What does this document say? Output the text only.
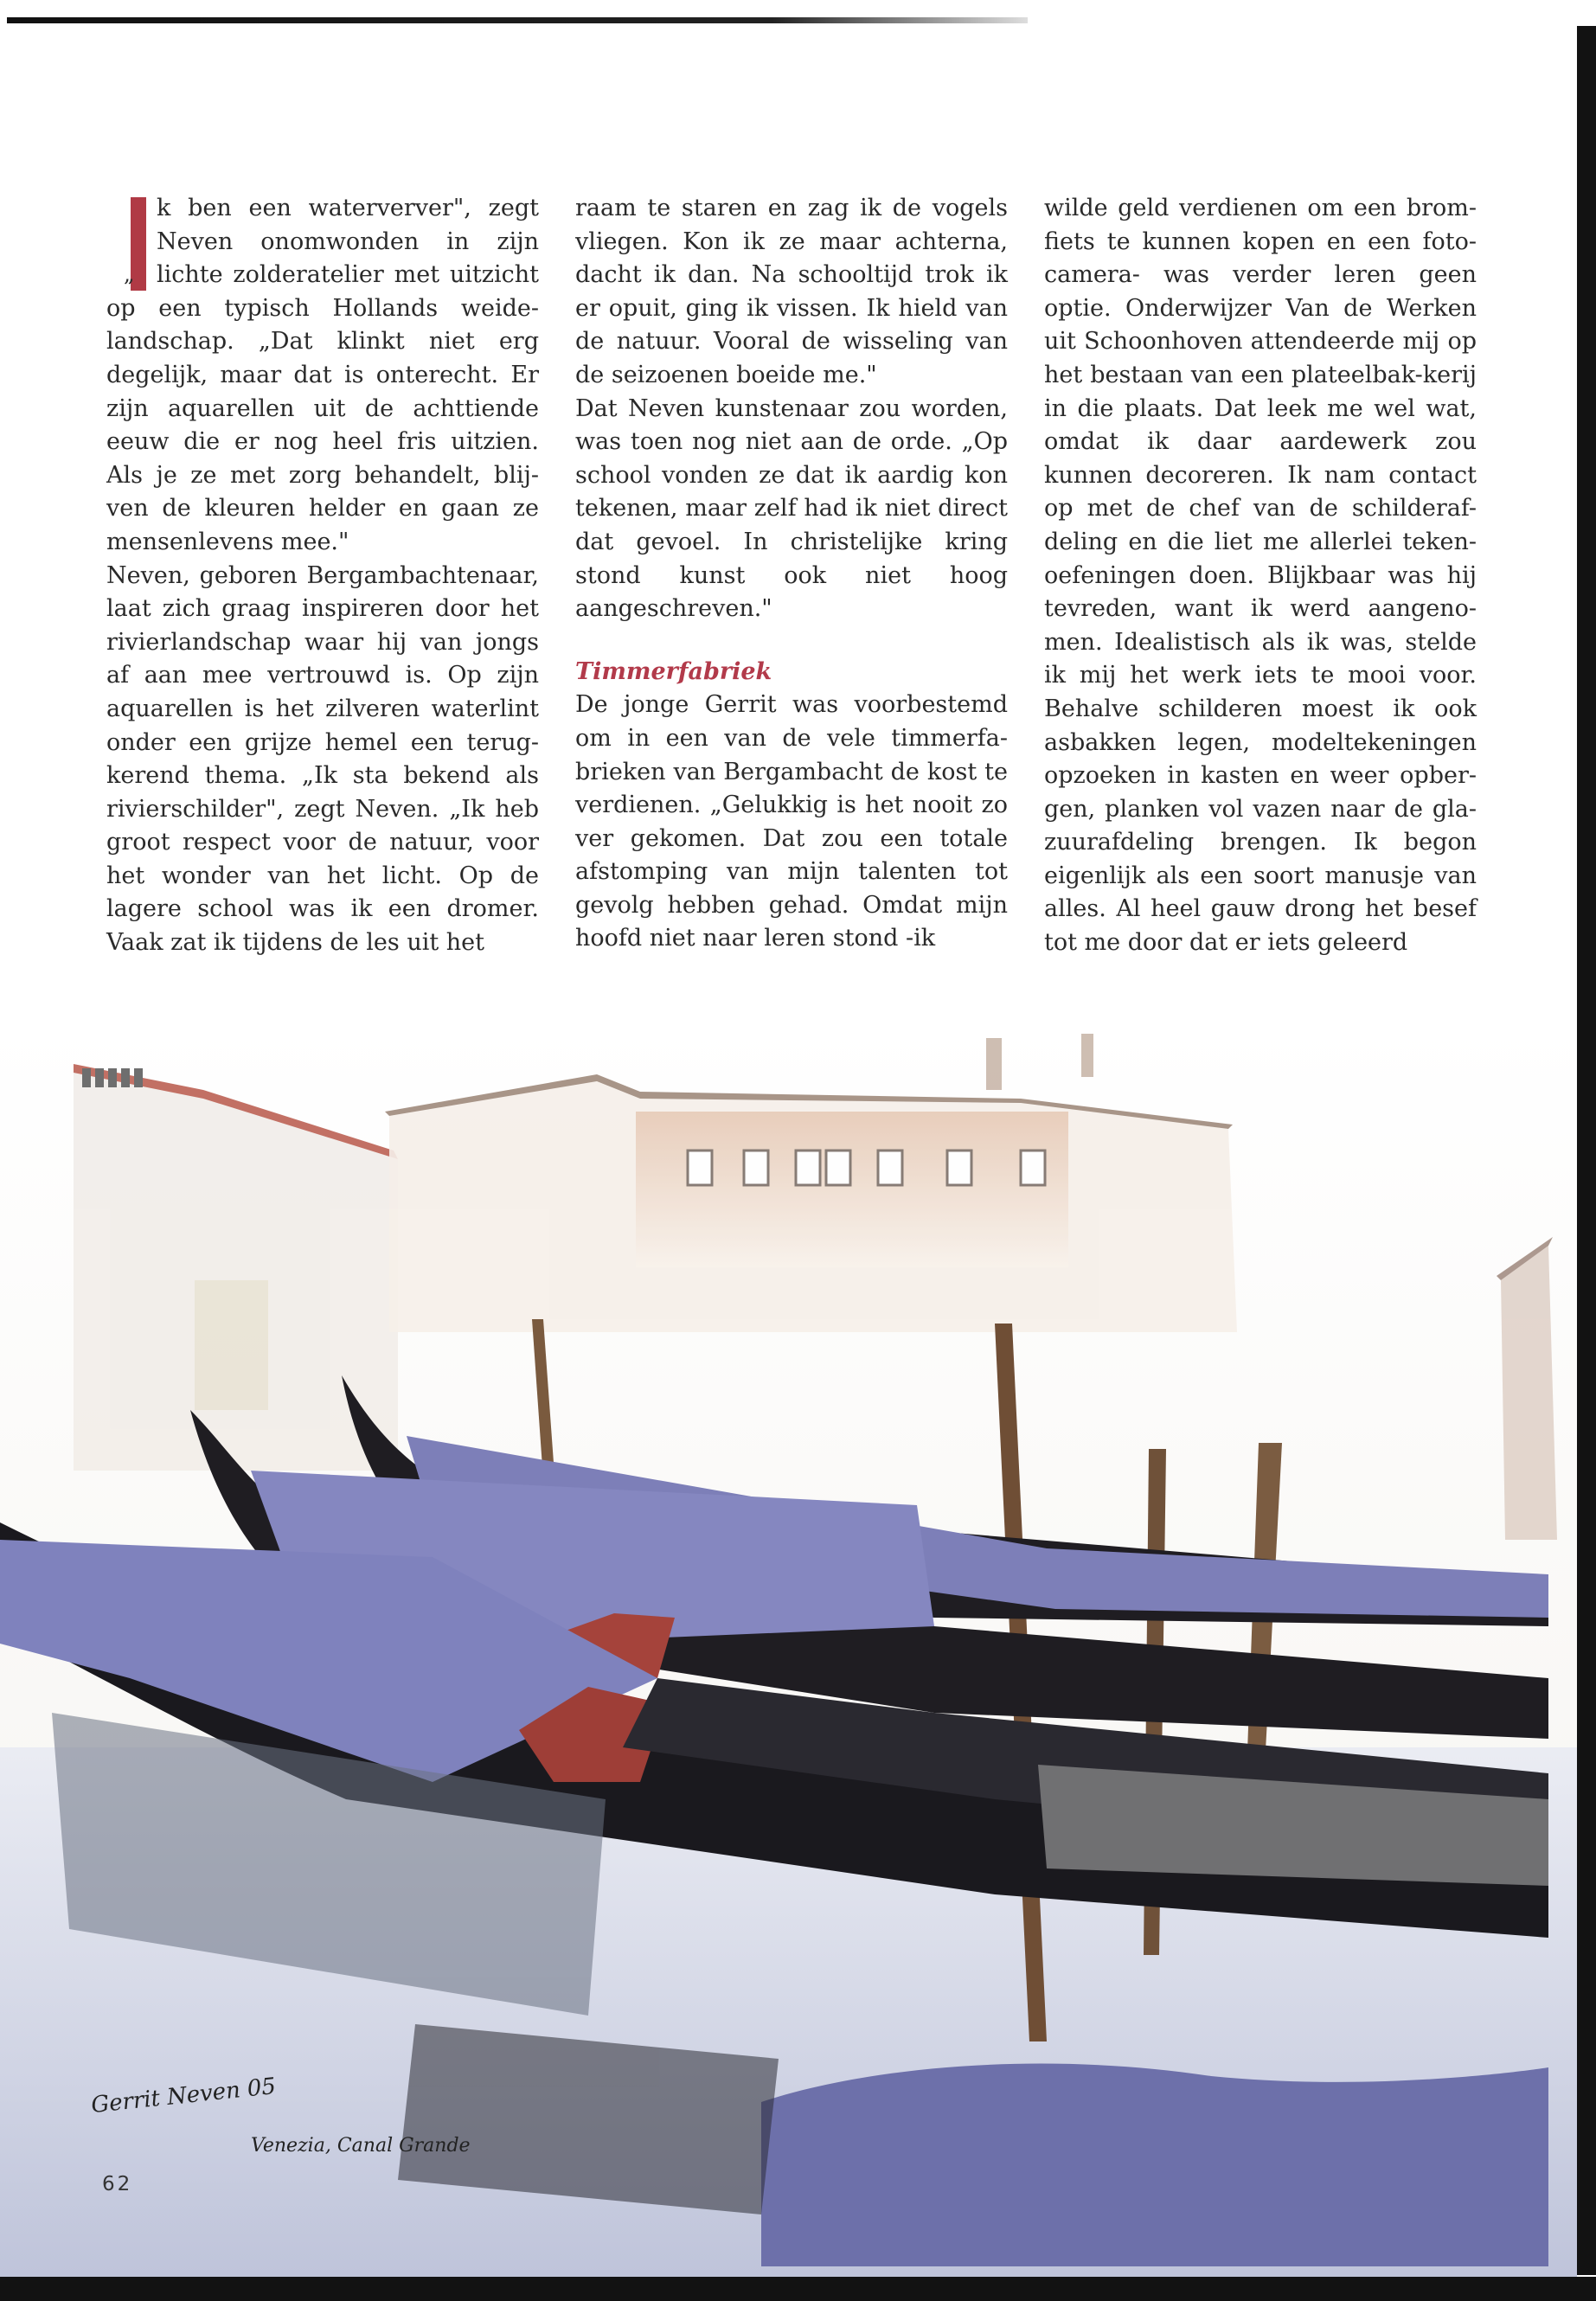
„

k ben een waterverver", zegt Neven onomwonden in zijn lichte zolderatelier met uitzicht op een typisch Hollands weide-landschap. „Dat klinkt niet erg degelijk, maar dat is onterecht. Er zijn aquarellen uit de achttiende eeuw die er nog heel fris uitzien. Als je ze met zorg behandelt, blij-ven de kleuren helder en gaan ze mensenlevens mee."

Neven, geboren Bergambachtenaar, laat zich graag inspireren door het rivierlandschap waar hij van jongs af aan mee vertrouwd is. Op zijn aquarellen is het zilveren waterlint onder een grijze hemel een terug-kerend thema. „Ik sta bekend als rivierschilder", zegt Neven. „Ik heb groot respect voor de natuur, voor het wonder van het licht. Op de lagere school was ik een dromer. Vaak zat ik tijdens de les uit het

raam te staren en zag ik de vogels vliegen. Kon ik ze maar achterna, dacht ik dan. Na schooltijd trok ik er opuit, ging ik vissen. Ik hield van de natuur. Vooral de wisseling van de seizoenen boeide me."

Dat Neven kunstenaar zou worden, was toen nog niet aan de orde. „Op school vonden ze dat ik aardig kon tekenen, maar zelf had ik niet direct dat gevoel. In christelijke kring stond kunst ook niet hoog aangeschreven."

Timmerfabriek

De jonge Gerrit was voorbestemd om in een van de vele timmerfa-brieken van Bergambacht de kost te verdienen. „Gelukkig is het nooit zo ver gekomen. Dat zou een totale afstomping van mijn talenten tot gevolg hebben gehad. Omdat mijn hoofd niet naar leren stond -ik

wilde geld verdienen om een brom-fiets te kunnen kopen en een foto-camera- was verder leren geen optie. Onderwijzer Van de Werken uit Schoonhoven attendeerde mij op het bestaan van een plateelbak-kerij in die plaats. Dat leek me wel wat, omdat ik daar aardewerk zou kunnen decoreren. Ik nam contact op met de chef van de schilderaf-deling en die liet me allerlei teken-oefeningen doen. Blijkbaar was hij tevreden, want ik werd aangeno-men. Idealistisch als ik was, stelde ik mij het werk iets te mooi voor. Behalve schilderen moest ik ook asbakken legen, modeltekeningen opzoeken in kasten en weer opber-gen, planken vol vazen naar de gla-zuurafdeling brengen. Ik begon eigenlijk als een soort manusje van alles. Al heel gauw drong het besef tot me door dat er iets geleerd

Gerrit Neven 05
Venezia, Canal Grande
62
